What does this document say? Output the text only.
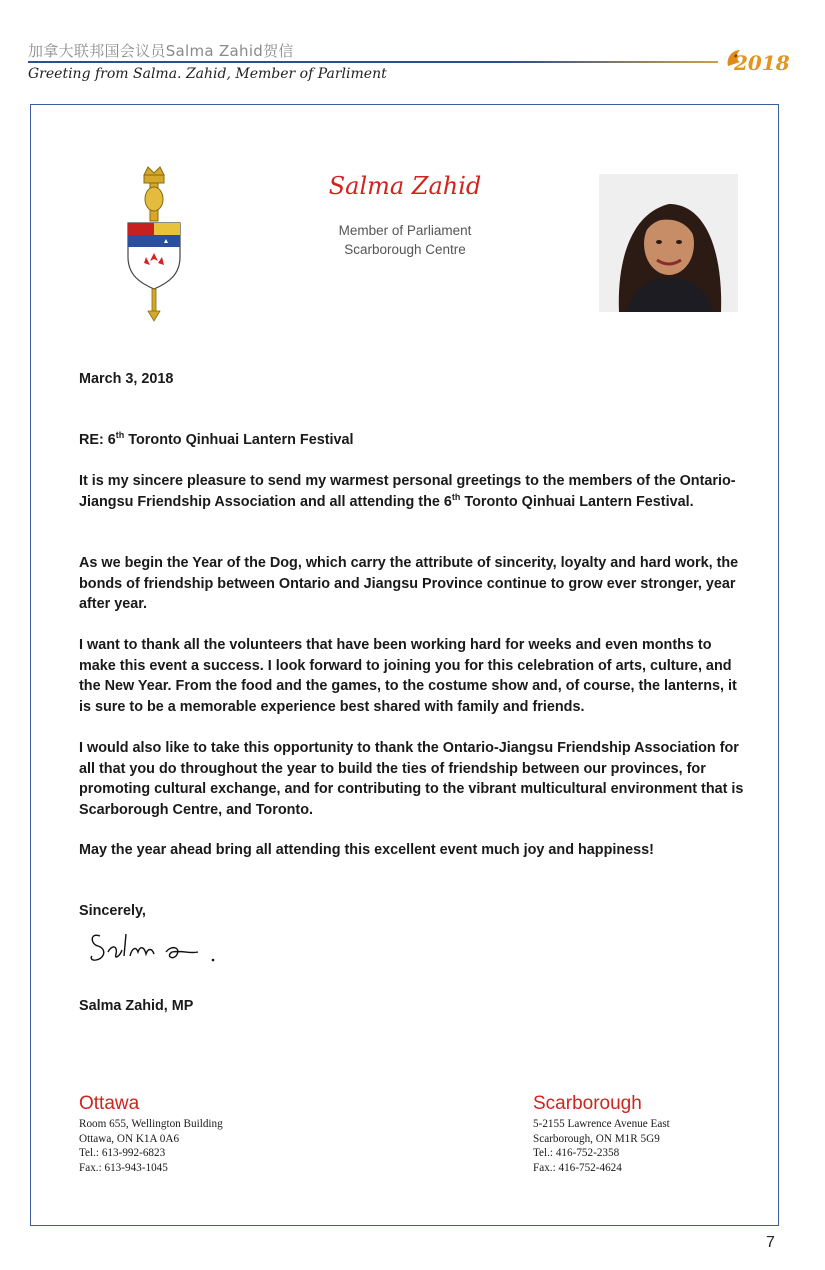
加拿大联邦国会议员Salma Zahid贺信
Greeting from Salma. Zahid, Member of Parliment	2018
Salma Zahid
Member of Parliament
Scarborough Centre
March 3, 2018
RE: 6th Toronto Qinhuai Lantern Festival

It is my sincere pleasure to send my warmest personal greetings to the members of the Ontario-Jiangsu Friendship Association and all attending the 6th Toronto Qinhuai Lantern Festival.

As we begin the Year of the Dog, which carry the attribute of sincerity, loyalty and hard work, the bonds of friendship between Ontario and Jiangsu Province continue to grow ever stronger, year after year.

I want to thank all the volunteers that have been working hard for weeks and even months to make this event a success. I look forward to joining you for this celebration of arts, culture, and the New Year. From the food and the games, to the costume show and, of course, the lanterns, it is sure to be a memorable experience best shared with family and friends.

I would also like to take this opportunity to thank the Ontario-Jiangsu Friendship Association for all that you do throughout the year to build the ties of friendship between our provinces, for promoting cultural exchange, and for contributing to the vibrant multicultural environment that is Scarborough Centre, and Toronto.

May the year ahead bring all attending this excellent event much joy and happiness!

Sincerely,
Salma Zahid, MP
Ottawa
Room 655, Wellington Building
Ottawa, ON K1A 0A6
Tel.: 613-992-6823
Fax.: 613-943-1045
Scarborough
5-2155 Lawrence Avenue East
Scarborough, ON M1R 5G9
Tel.: 416-752-2358
Fax.: 416-752-4624
7
